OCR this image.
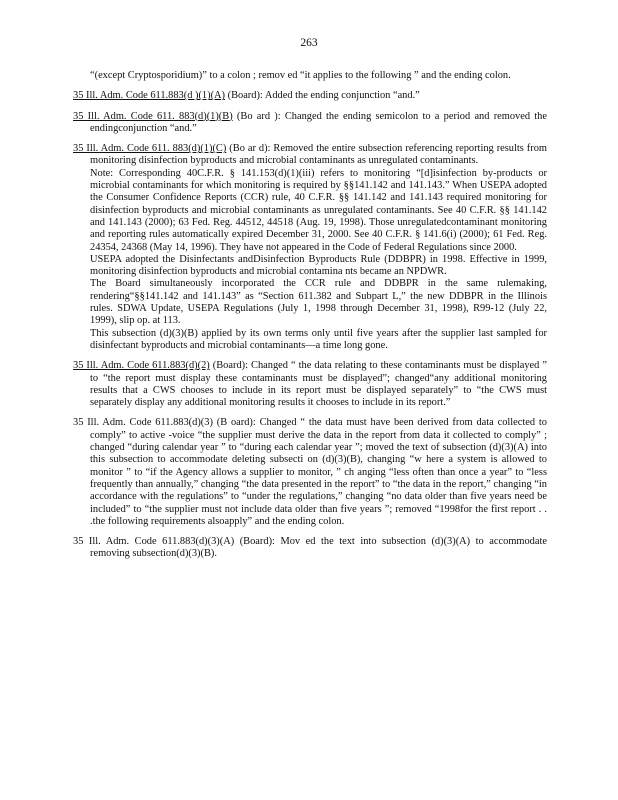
263
“(except Cryptosporidium)” to a colon ; remov ed “it applies to the following ” and the ending colon.
35 Ill. Adm. Code 611.883(d )(1)(A) (Board): Added the ending conjunction “and.”
35 Ill. Adm. Code 611. 883(d)(1)(B) (Bo ard ): Changed the ending semicolon to a period and removed the endingconjunction “and.”
35 Ill. Adm. Code 611. 883(d)(1)(C) (Bo ar d): Removed the entire subsection referencing reporting results from monitoring disinfection byproducts and microbial contaminants as unregulated contaminants.

Note: Corresponding 40C.F.R. § 141.153(d)(1)(iii) refers to monitoring “[d]isinfection by-products or microbial contaminants for which monitoring is required by §§141.142 and 141.143.” When USEPA adopted the Consumer Confidence Reports (CCR) rule, 40 C.F.R. §§ 141.142 and 141.143 required monitoring for disinfection byproducts and microbial contaminants as unregulated contaminants. See 40 C.F.R. §§ 141.142 and 141.143 (2000); 63 Fed. Reg. 44512, 44518 (Aug. 19, 1998). Those unregulatedcontaminant monitoring and reporting rules automatically expired December 31, 2000. See 40 C.F.R. § 141.6(i) (2000); 61 Fed. Reg. 24354, 24368 (May 14, 1996). They have not appeared in the Code of Federal Regulations since 2000.

USEPA adopted the Disinfectants andDisinfection Byproducts Rule (DDBPR) in 1998. Effective in 1999, monitoring disinfection byproducts and microbial contamina nts became an NPDWR.

The Board simultaneously incorporated the CCR rule and DDBPR in the same rulemaking, rendering“§§141.142 and 141.143” as “Section 611.382 and Subpart L,” the new DDBPR in the Illinois rules. SDWA Update, USEPA Regulations (July 1, 1998 through December 31, 1998), R99-12 (July 22, 1999), slip op. at 113.

This subsection (d)(3)(B) applied by its own terms only until five years after the supplier last sampled for disinfectant byproducts and microbial contaminants—a time long gone.

35 Ill. Adm. Code 611.883(d)(2) (Board): Changed “ the data relating to these contaminants must be displayed ” to “the report must display these contaminants must be displayed”; changed“any additional monitoring results that a CWS chooses to include in its report must be displayed separately” to “the CWS must separately display any additional monitoring results it chooses to include in its report.”
35 Ill. Adm. Code 611.883(d)(3) (B oard): Changed “ the data must have been derived from data collected to comply” to active -voice “the supplier must derive the data in the report from data it collected to comply” ; changed “during calendar year ” to “during each calendar year ”; moved the text of subsection (d)(3)(A) into this subsection to accommodate deleting subsecti on (d)(3)(B), changing “w here a system is allowed to monitor ” to “if the Agency allows a supplier to monitor, ” ch anging “less often than once a year” to “less frequently than annually,” changing “the data presented in the report” to “the data in the report,” changing “in accordance with the regulations” to “under the regulations,” changing “no data older than five years need be included” to “the supplier must not include data older than five years ”; removed “1998for the first report . . .the following requirements alsoapply” and the ending colon.
35 Ill. Adm. Code 611.883(d)(3)(A) (Board): Mov ed the text into subsection (d)(3)(A) to accommodate removing subsection(d)(3)(B).
